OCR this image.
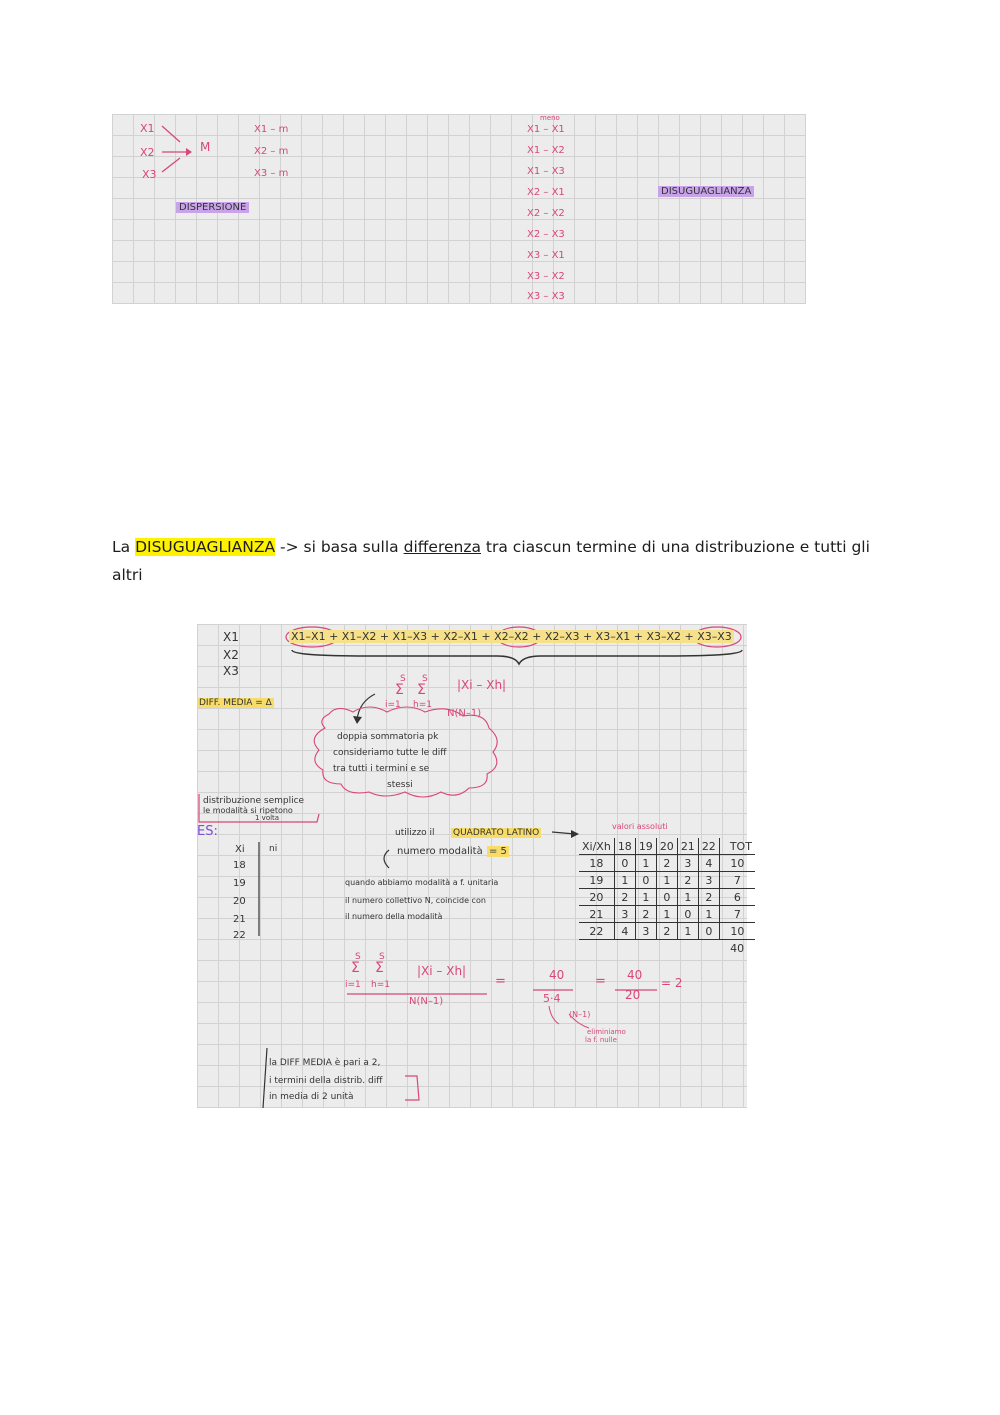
X1
X2
X3
M
X1 – m
X2 – m
X3 – m
DISPERSIONE
meno
X1 – X1
X1 – X2
X1 – X3
X2 – X1
X2 – X2
X2 – X3
X3 – X1
X3 – X2
X3 – X3
DISUGUAGLIANZA
La DISUGUAGLIANZA -> si basa sulla differenza tra ciascun termine di una distribuzione e tutti gli altri
X1
X2
X3
X1–X1 + X1–X2 + X1–X3 + X2–X1 + X2–X2 + X2–X3 + X3–X1 + X3–X2 + X3–X3
DIFF. MEDIA = Δ
S S
Σ Σ
i=1 h=1
|Xi – Xh|
N(N–1)
doppia sommatoria pk
consideriamo tutte le diff
tra tutti i termini e se
stessi
distribuzione semplice
le modalità si ripetono
1 volta
ES:
Xi	ni
18
19
20
21
22
utilizzo il QUADRATO LATINO
numero modalità = 5
quando abbiamo modalità a f. unitaria
il numero collettivo N, coincide con
il numero della modalità
valori assoluti
Xi/Xh	18	19	20	21	22	TOT
18	0	1	2	3	4	10
19	1	0	1	2	3	7
20	2	1	0	1	2	6
21	3	2	1	0	1	7
22	4	3	2	1	0	10
						40
S S
Σ Σ
i=1 h=1
|Xi – Xh|
N(N–1)
=	40
5·4
= 40
20
= 2
(N–1)
eliminiamo
la f. nulle
la DIFF MEDIA è pari a 2,
i termini della distrib. diff
in media di 2 unità
